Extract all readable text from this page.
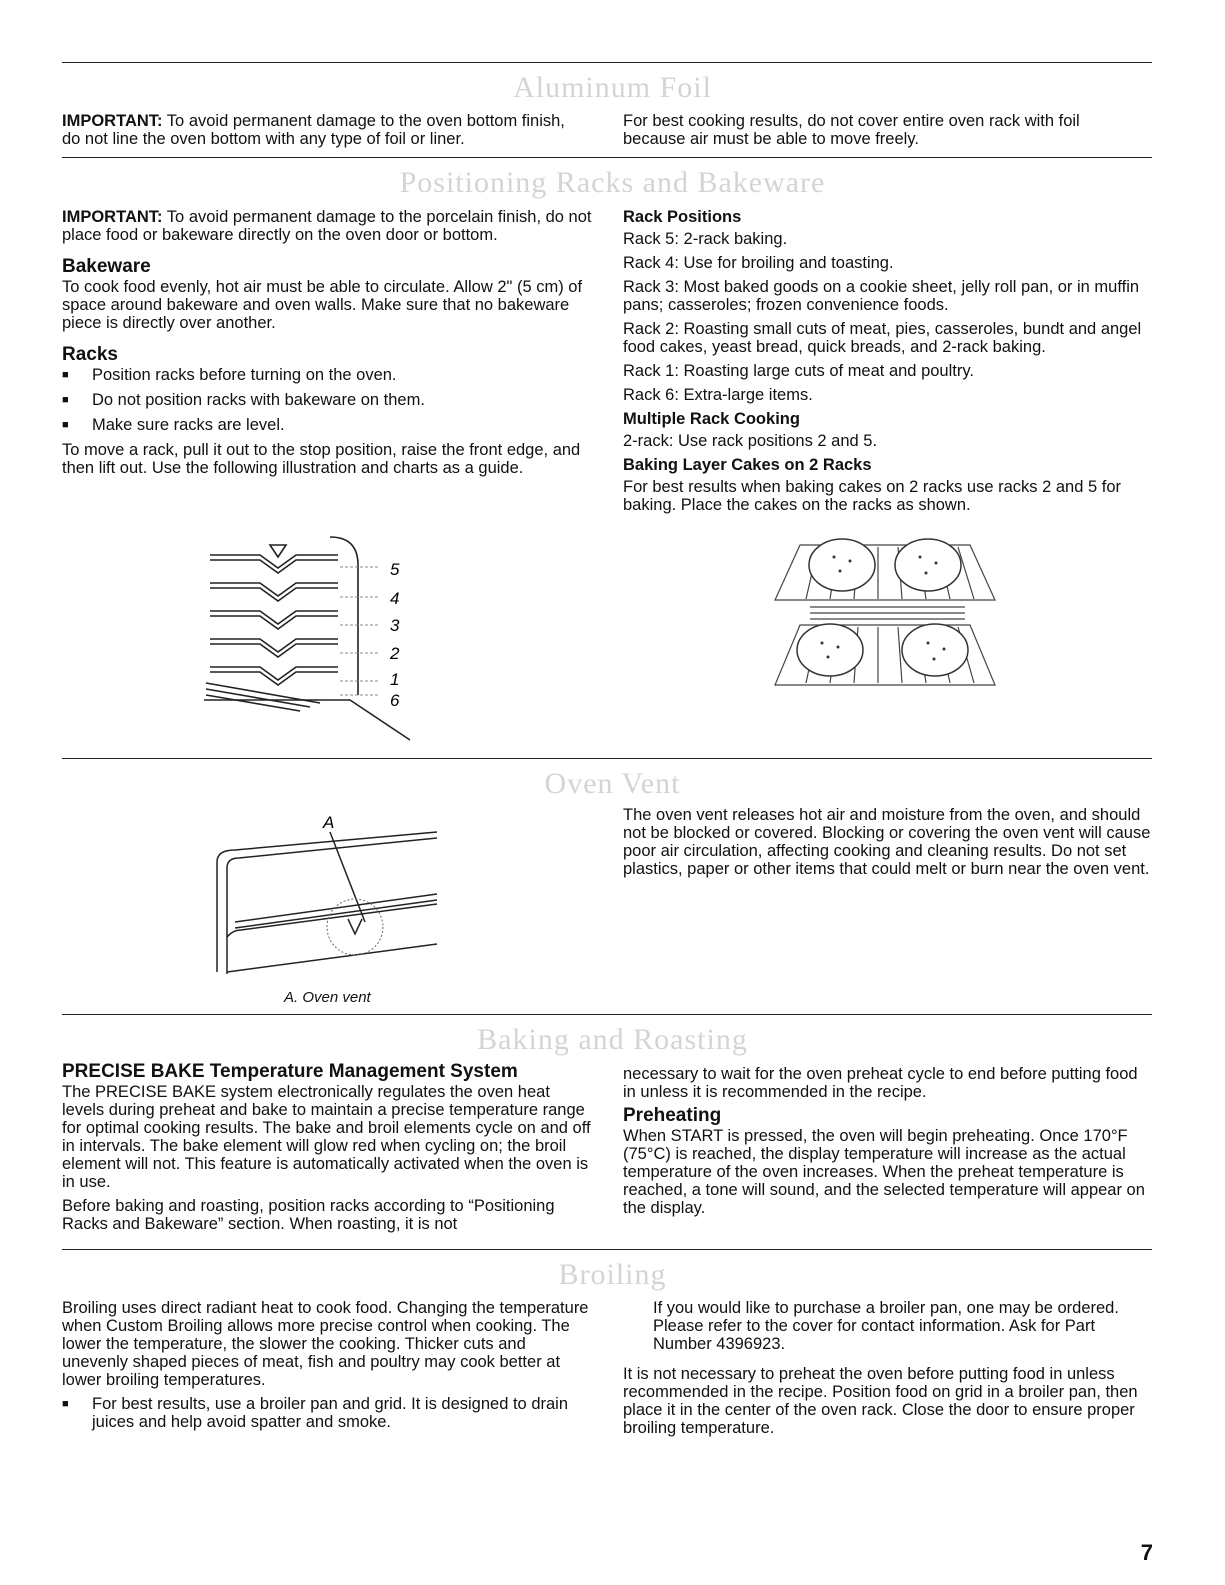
Aluminum Foil

IMPORTANT: To avoid permanent damage to the oven bottom finish, do not line the oven bottom with any type of foil or liner.

For best cooking results, do not cover entire oven rack with foil because air must be able to move freely.

Positioning Racks and Bakeware

IMPORTANT: To avoid permanent damage to the porcelain finish, do not place food or bakeware directly on the oven door or bottom.

Bakeware

To cook food evenly, hot air must be able to circulate. Allow 2" (5 cm) of space around bakeware and oven walls. Make sure that no bakeware piece is directly over another.

Racks
■	Position racks before turning on the oven.
■	Do not position racks with bakeware on them.
■	Make sure racks are level.

To move a rack, pull it out to the stop position, raise the front edge, and then lift out. Use the following illustration and charts as a guide.

5
4
3
2
1
6
Rack Positions

Rack 5: 2-rack baking.

Rack 4: Use for broiling and toasting.

Rack 3: Most baked goods on a cookie sheet, jelly roll pan, or in muffin pans; casseroles; frozen convenience foods.

Rack 2: Roasting small cuts of meat, pies, casseroles, bundt and angel food cakes, yeast bread, quick breads, and 2-rack baking.

Rack 1: Roasting large cuts of meat and poultry.

Rack 6: Extra-large items.

Multiple Rack Cooking

2-rack: Use rack positions 2 and 5.

Baking Layer Cakes on 2 Racks

For best results when baking cakes on 2 racks use racks 2 and 5 for baking. Place the cakes on the racks as shown.

Oven Vent
A
A. Oven vent

The oven vent releases hot air and moisture from the oven, and should not be blocked or covered. Blocking or covering the oven vent will cause poor air circulation, affecting cooking and cleaning results. Do not set plastics, paper or other items that could melt or burn near the oven vent.

Baking and Roasting
PRECISE BAKE Temperature Management System

The PRECISE BAKE system electronically regulates the oven heat levels during preheat and bake to maintain a precise temperature range for optimal cooking results. The bake and broil elements cycle on and off in intervals. The bake element will glow red when cycling on; the broil element will not. This feature is automatically activated when the oven is in use.

Before baking and roasting, position racks according to “Positioning Racks and Bakeware” section. When roasting, it is not

necessary to wait for the oven preheat cycle to end before putting food in unless it is recommended in the recipe.

Preheating

When START is pressed, the oven will begin preheating. Once 170°F (75°C) is reached, the display temperature will increase as the actual temperature of the oven increases. When the preheat temperature is reached, a tone will sound, and the selected temperature will appear on the display.

Broiling

Broiling uses direct radiant heat to cook food. Changing the temperature when Custom Broiling allows more precise control when cooking. The lower the temperature, the slower the cooking. Thicker cuts and unevenly shaped pieces of meat, fish and poultry may cook better at lower broiling temperatures.

■	For best results, use a broiler pan and grid. It is designed to drain juices and help avoid spatter and smoke.

If you would like to purchase a broiler pan, one may be ordered. Please refer to the cover for contact information. Ask for Part Number 4396923.

It is not necessary to preheat the oven before putting food in unless recommended in the recipe. Position food on grid in a broiler pan, then place it in the center of the oven rack. Close the door to ensure proper broiling temperature.

7
